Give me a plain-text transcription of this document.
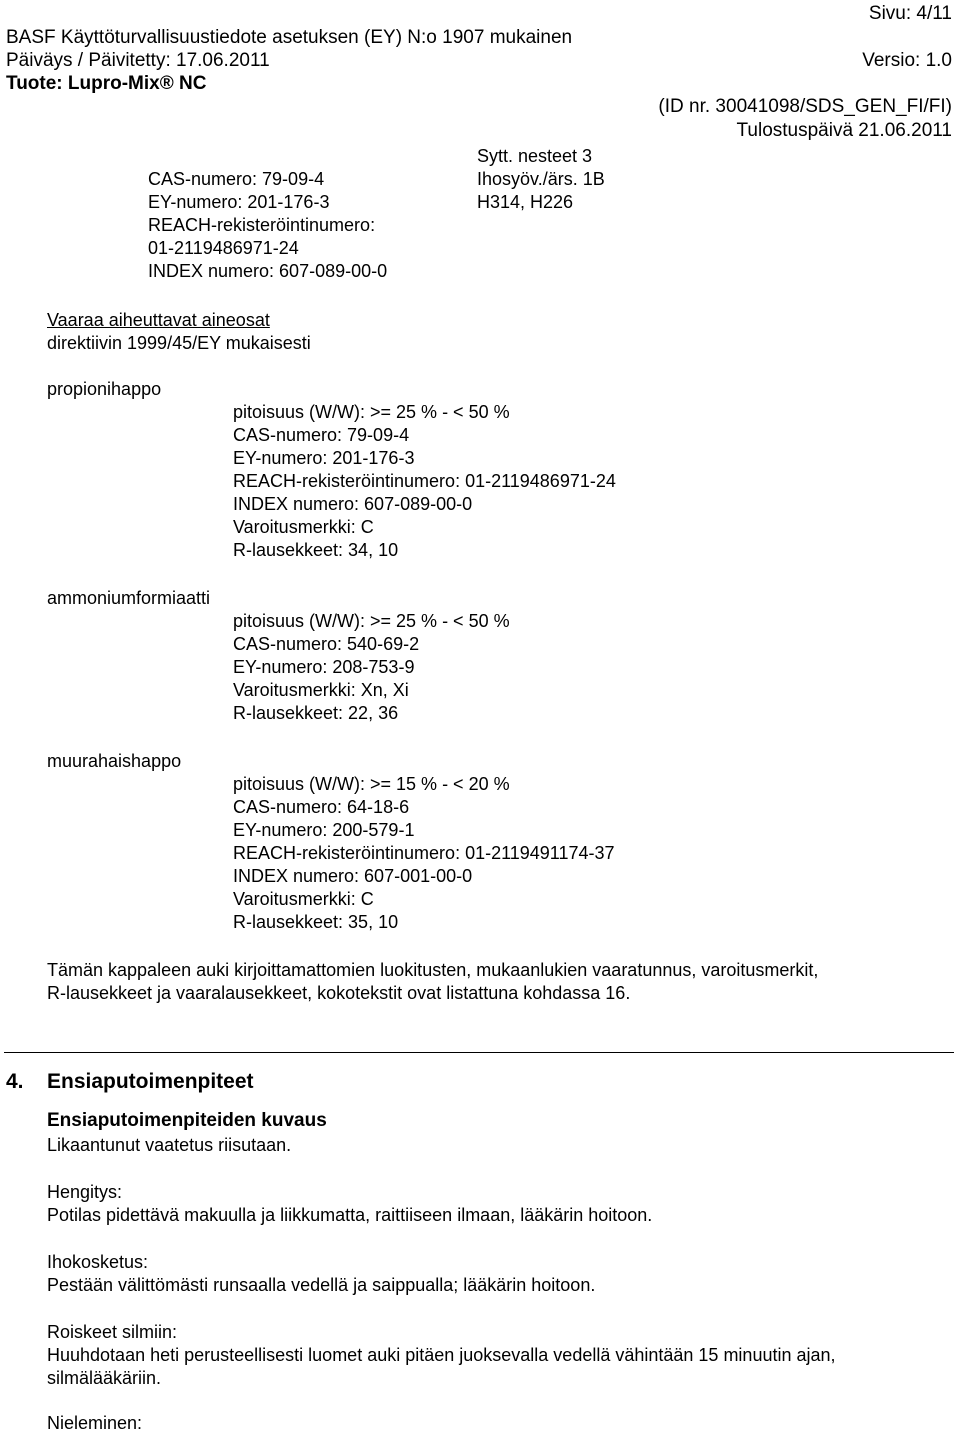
BASF Käyttöturvallisuustiedote asetuksen (EY) N:o 1907 mukainen
Sivu: 4/11
Päiväys / Päivitetty: 17.06.2011	Versio: 1.0
Tuote: Lupro-Mix® NC
(ID nr. 30041098/SDS_GEN_FI/FI)
Tulostuspäivä 21.06.2011
CAS-numero: 79-09-4
EY-numero: 201-176-3
REACH-rekisteröintinumero:
01-2119486971-24
INDEX numero: 607-089-00-0
Sytt. nesteet 3
Ihosyöv./ärs. 1B
H314, H226
Vaaraa aiheuttavat aineosat
direktiivin 1999/45/EY mukaisesti
propionihappo
pitoisuus (W/W): >= 25 % - < 50 %
CAS-numero: 79-09-4
EY-numero: 201-176-3
REACH-rekisteröintinumero: 01-2119486971-24
INDEX numero: 607-089-00-0
Varoitusmerkki: C
R-lausekkeet: 34, 10
ammoniumformiaatti
pitoisuus (W/W): >= 25 % - < 50 %
CAS-numero: 540-69-2
EY-numero: 208-753-9
Varoitusmerkki: Xn, Xi
R-lausekkeet: 22, 36
muurahaishappo
pitoisuus (W/W): >= 15 % - < 20 %
CAS-numero: 64-18-6
EY-numero: 200-579-1
REACH-rekisteröintinumero: 01-2119491174-37
INDEX numero: 607-001-00-0
Varoitusmerkki: C
R-lausekkeet: 35, 10
Tämän kappaleen auki kirjoittamattomien luokitusten, mukaanlukien vaaratunnus, varoitusmerkit,
R-lausekkeet ja vaaralausekkeet, kokotekstit ovat listattuna kohdassa 16.
4. Ensiaputoimenpiteet
Ensiaputoimenpiteiden kuvaus
Likaantunut vaatetus riisutaan.
Hengitys:
Potilas pidettävä makuulla ja liikkumatta, raittiiseen ilmaan, lääkärin hoitoon.
Ihokosketus:
Pestään välittömästi runsaalla vedellä ja saippualla; lääkärin hoitoon.
Roiskeet silmiin:
Huuhdotaan heti perusteellisesti luomet auki pitäen juoksevalla vedellä vähintään 15 minuutin ajan,
silmälääkäriin.
Nieleminen:
